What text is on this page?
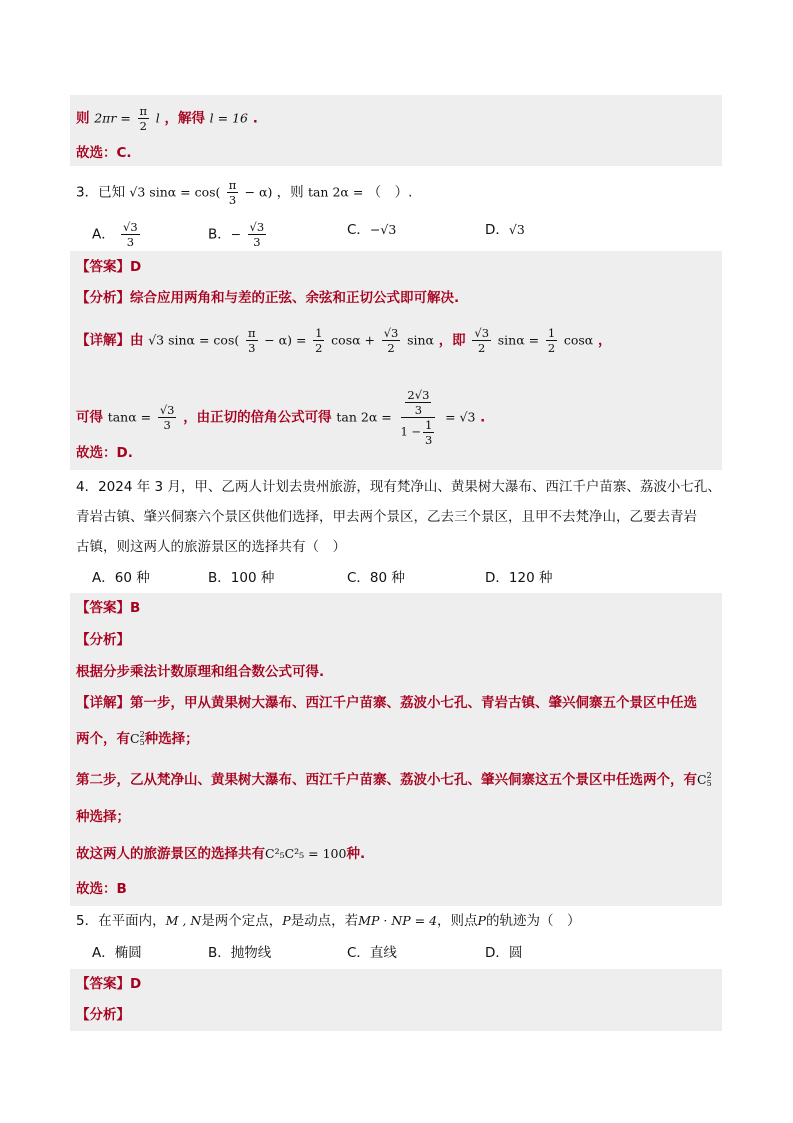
则 $2\pi r = \frac{\pi}{2}$ l ，解得 l = 16 .
故选：C.
3．已知 √3 $\sin\alpha = \cos( \frac{\pi}{3} - \alpha)$ ，则 tan 2α = （　）.
A． $\frac{√3}{3}$	B．− $\frac{√3}{3}$	C．−√3	D．√3
【答案】D
【分析】综合应用两角和与差的正弦、余弦和正切公式即可解决.
【详解】由 √3 $\sin\alpha = \cos( \frac{\pi}{3} - \alpha) = \frac{1}{2}$ $\cos\alpha + \frac{√3}{2}$ sinα ，即 $\frac{√3}{2}$ $\sin\alpha = \frac{1}{2}$ cosα ，
可得 $\tan\alpha = \frac{√3}{3}$ ，由正切的倍角公式可得 $\tan 2\alpha = \frac{\frac{2√3}{3}}{1 - \frac{1}{3}} = √3$ .
故选：D.
4．2024 年 3 月，甲、乙两人计划去贵州旅游，现有梵净山、黄果树大瀑布、西江千户苗寨、荔波小七孔、
青岩古镇、肇兴侗寨六个景区供他们选择，甲去两个景区，乙去三个景区，且甲不去梵净山，乙要去青岩
古镇，则这两人的旅游景区的选择共有（　）
A．60 种	B．100 种	C．80 种	D．120 种
【答案】B
【分析】
根据分步乘法计数原理和组合数公式可得.
【详解】第一步，甲从黄果树大瀑布、西江千户苗寨、荔波小七孔、青岩古镇、肇兴侗寨五个景区中任选
两个，有C 2
5 种选择；
第二步，乙从梵净山、黄果树大瀑布、西江千户苗寨、荔波小七孔、肇兴侗寨这五个景区中任选两个，有C 2
5
种选择；
故这两人的旅游景区的选择共有C²₅C²₅ = 100种.
故选：B
5．在平面内，M , N是两个定点，P是动点，若MP · NP = 4，则点P的轨迹为（　）
A．椭圆	B．抛物线	C．直线	D．圆
【答案】D
【分析】
